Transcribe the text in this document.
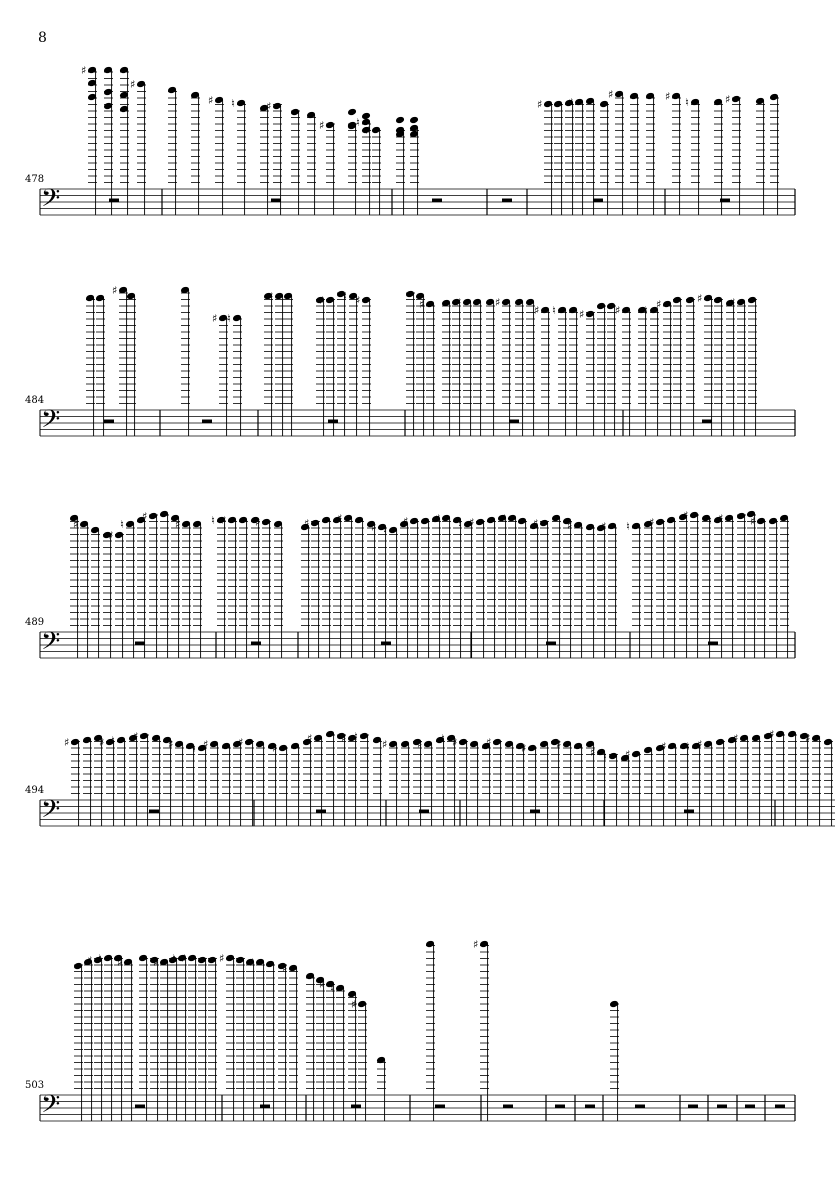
8
𝄢
478
♯
♯
♯ ♮	♯
♯	♮
♯ ♯
♯	♯ ♮	♯
𝄢
484
♯
♯ ♮
♯	♯ ♮ ♯	♯	♯	♯
♯ ♮ ♯	♯ ♮ ♯	♯	♯
𝄢
489
♯
♯
♮
♯
♯	♮ ♯	♯	♯	♯
♯ ♮
♯ ♯ ♮ ♯ ♯ ♯	♯	♯ ♮ ♯
♯ ♮ ♯ ♯
𝄢
494
♯	♯ ♮ ♯
♯ ♮ ♯	♯	♯
♯	♯ ♮
♯	♯ ♮ ♯	♯	♯	♯
♯ ♮ ♯
♯ ♮ ♯	♯	♯	♯
𝄢
503
♯ ♮ ♯	♯ ♮ ♯	♯ ♯	♯
♯ ♮
♯
♯
